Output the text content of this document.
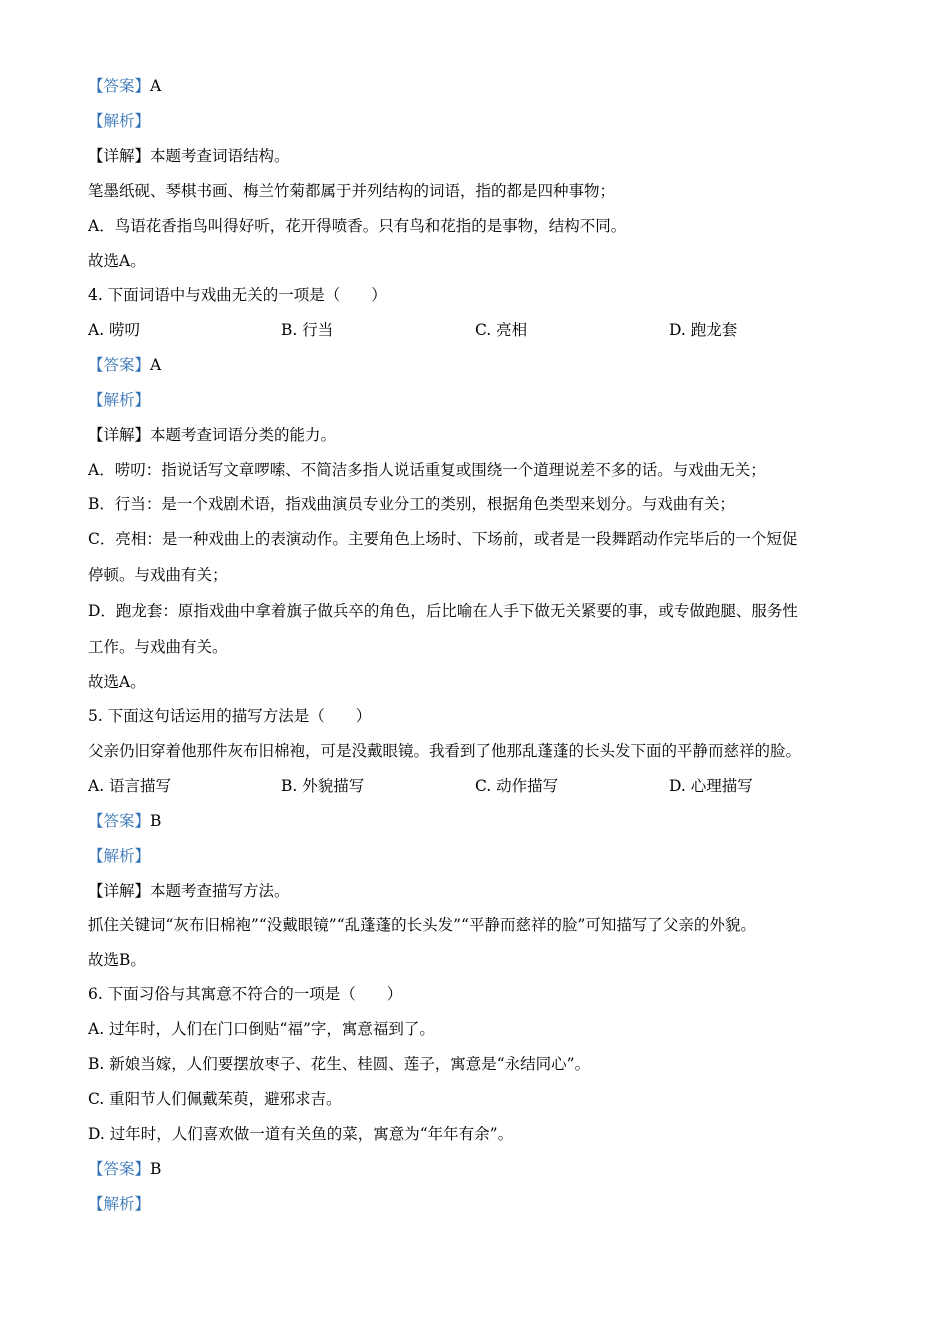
【答案】A
【解析】
【详解】本题考查词语结构。
笔墨纸砚、琴棋书画、梅兰竹菊都属于并列结构的词语，指的都是四种事物；
A．鸟语花香指鸟叫得好听，花开得喷香。只有鸟和花指的是事物，结构不同。
故选A。
4. 下面词语中与戏曲无关的一项是（　　）
A. 唠叨	B. 行当	C. 亮相	D. 跑龙套
【答案】A
【解析】
【详解】本题考查词语分类的能力。
A．唠叨：指说话写文章啰嗦、不简洁多指人说话重复或围绕一个道理说差不多的话。与戏曲无关；
B．行当：是一个戏剧术语，指戏曲演员专业分工的类别，根据角色类型来划分。与戏曲有关；
C．亮相：是一种戏曲上的表演动作。主要角色上场时、下场前，或者是一段舞蹈动作完毕后的一个短促
停顿。与戏曲有关；
D．跑龙套：原指戏曲中拿着旗子做兵卒的角色，后比喻在人手下做无关紧要的事，或专做跑腿、服务性
工作。与戏曲有关。
故选A。
5. 下面这句话运用的描写方法是（　　）
父亲仍旧穿着他那件灰布旧棉袍，可是没戴眼镜。我看到了他那乱蓬蓬的长头发下面的平静而慈祥的脸。
A. 语言描写	B. 外貌描写	C. 动作描写	D. 心理描写
【答案】B
【解析】
【详解】本题考查描写方法。
抓住关键词“灰布旧棉袍”“没戴眼镜”“乱蓬蓬的长头发”“平静而慈祥的脸”可知描写了父亲的外貌。
故选B。
6. 下面习俗与其寓意不符合的一项是（　　）
A. 过年时，人们在门口倒贴“福”字，寓意福到了。
B. 新娘当嫁，人们要摆放枣子、花生、桂圆、莲子，寓意是“永结同心”。
C. 重阳节人们佩戴茱萸，避邪求吉。
D. 过年时，人们喜欢做一道有关鱼的菜，寓意为“年年有余”。
【答案】B
【解析】
